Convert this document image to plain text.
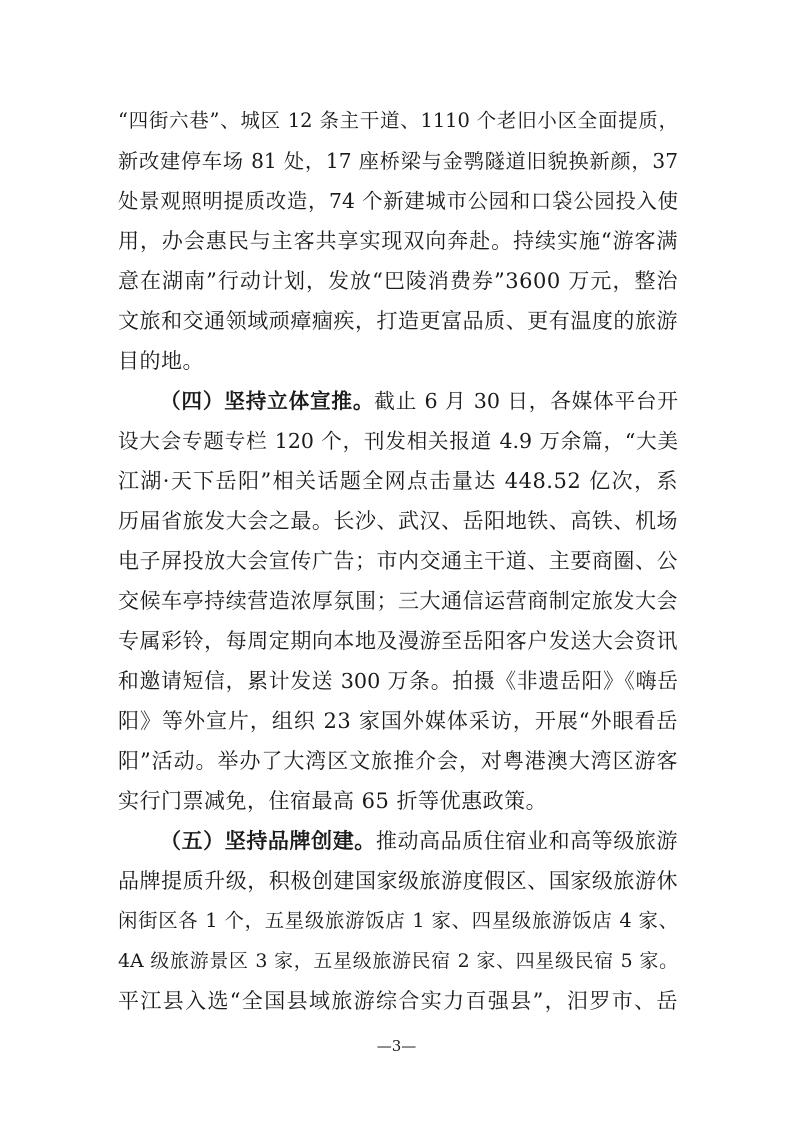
“四街六巷”、城区 12 条主干道、1110 个老旧小区全面提质，
新改建停车场 81 处，17 座桥梁与金鹗隧道旧貌换新颜，37
处景观照明提质改造，74 个新建城市公园和口袋公园投入使
用，办会惠民与主客共享实现双向奔赴。持续实施“游客满
意在湖南”行动计划，发放“巴陵消费券”3600 万元，整治
文旅和交通领域顽瘴痼疾，打造更富品质、更有温度的旅游
目的地。
（四）坚持立体宣推。截止 6 月 30 日，各媒体平台开
设大会专题专栏 120 个，刊发相关报道 4.9 万余篇，“大美
江湖·天下岳阳”相关话题全网点击量达 448.52 亿次，系
历届省旅发大会之最。长沙、武汉、岳阳地铁、高铁、机场
电子屏投放大会宣传广告；市内交通主干道、主要商圈、公
交候车亭持续营造浓厚氛围；三大通信运营商制定旅发大会
专属彩铃，每周定期向本地及漫游至岳阳客户发送大会资讯
和邀请短信，累计发送 300 万条。拍摄《非遗岳阳》《嗨岳
阳》等外宣片，组织 23 家国外媒体采访，开展“外眼看岳
阳”活动。举办了大湾区文旅推介会，对粤港澳大湾区游客
实行门票减免，住宿最高 65 折等优惠政策。
（五）坚持品牌创建。推动高品质住宿业和高等级旅游
品牌提质升级，积极创建国家级旅游度假区、国家级旅游休
闲街区各 1 个，五星级旅游饭店 1 家、四星级旅游饭店 4 家、
4A 级旅游景区 3 家，五星级旅游民宿 2 家、四星级民宿 5 家。
平江县入选“全国县域旅游综合实力百强县”，汨罗市、岳
—3—
